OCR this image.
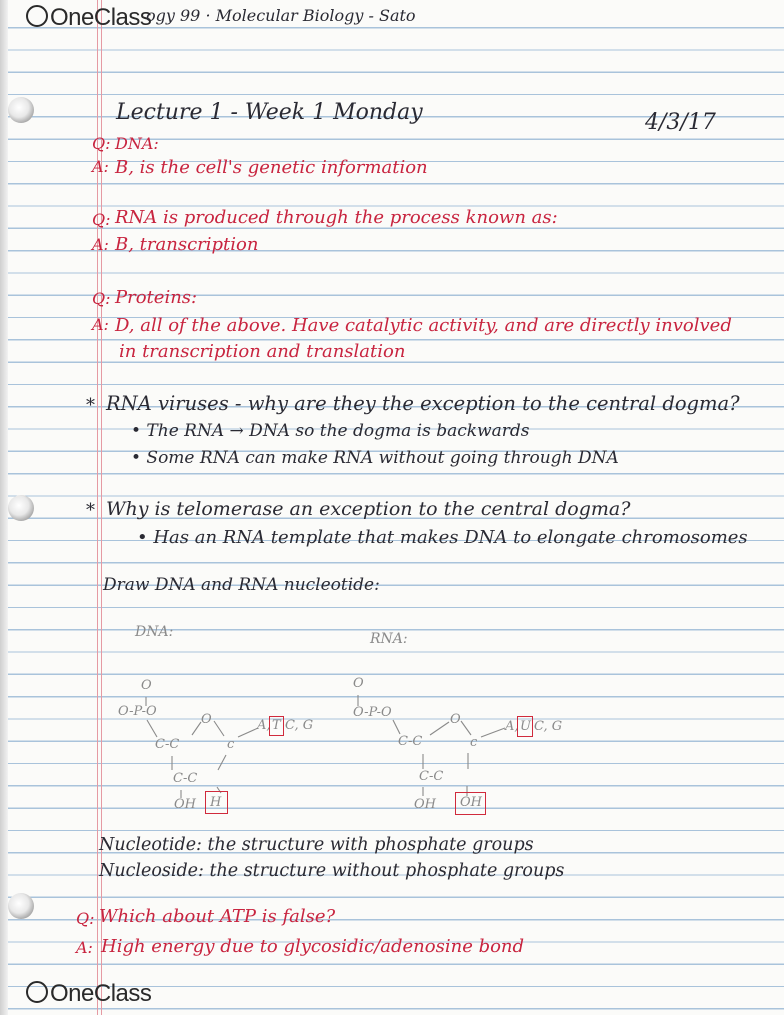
OneClass
OneClass
ogy 99 · Molecular Biology - Sato
Lecture 1 - Week 1 Monday	4/3/17
Q: DNA:
A: B, is the cell's genetic information
Q: RNA is produced through the process known as:
A: B, transcription
Q: Proteins:
A: D, all of the above. Have catalytic activity, and are directly involved
in transcription and translation
* RNA viruses - why are they the exception to the central dogma?
• The RNA → DNA so the dogma is backwards
• Some RNA can make RNA without going through DNA
* Why is telomerase an exception to the central dogma?
• Has an RNA template that makes DNA to elongate chromosomes
Draw DNA and RNA nucleotide:
DNA:
O
O-P-O
O
C-C	c
C-C
OH
A, T C, G
H
RNA:
O
O-P-O	O
C-C	c
C-C
OH
A, U C, G
OH
Nucleotide: the structure with phosphate groups
Nucleoside: the structure without phosphate groups
Q: Which about ATP is false?
A: High energy due to glycosidic/adenosine bond
